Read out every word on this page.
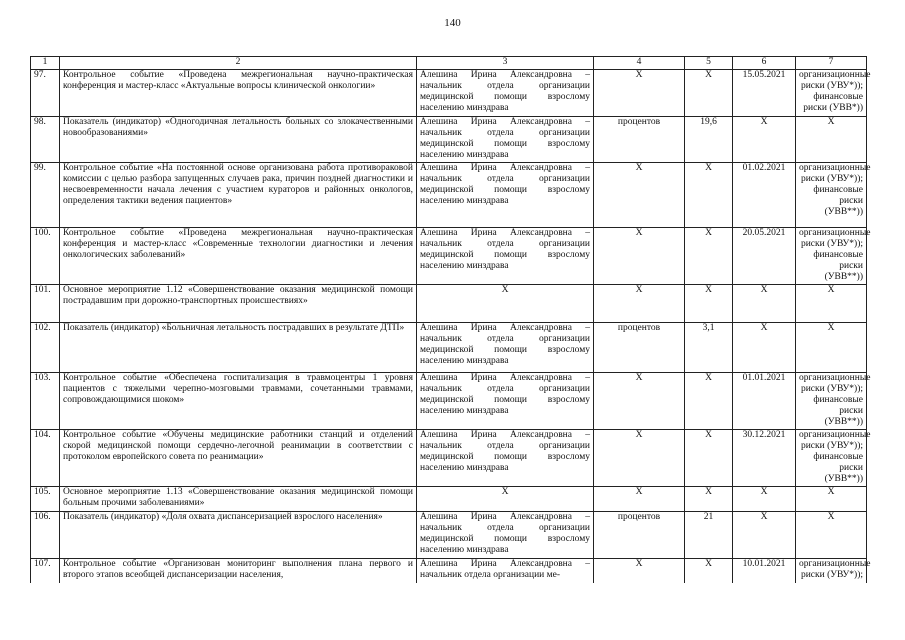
140
1	2	3	4	5	6	7
97.	Контрольное событие «Проведена межрегиональная научно-практическая конференция и мастер-класс «Актуальные вопросы клинической онкологии»	Алешина Ирина Александровна – начальник отдела организации медицинской помощи взрослому населению минздрава	X	X	15.05.2021	организационные риски (УВУ*)); финансовые риски (УВВ*))
98.	Показатель (индикатор) «Одногодичная летальность больных со злокачественными новообразованиями»	Алешина Ирина Александровна – начальник отдела организации медицинской помощи взрослому населению минздрава	процентов	19,6	X	X
99.	Контрольное событие «На постоянной основе организована работа противораковой комиссии с целью разбора запущенных случаев рака, причин поздней диагностики и несвоевременности начала лечения с участием кураторов и районных онкологов, определения тактики ведения пациентов»	Алешина Ирина Александровна – начальник отдела организации медицинской помощи взрослому населению минздрава	X	X	01.02.2021	организационные риски (УВУ*)); финансовые риски (УВВ**))
100.	Контрольное событие «Проведена межрегиональная научно-практическая конференция и мастер-класс «Современные технологии диагностики и лечения онкологических заболеваний»	Алешина Ирина Александровна – начальник отдела организации медицинской помощи взрослому населению минздрава	X	X	20.05.2021	организационные риски (УВУ*)); финансовые риски (УВВ**))
101.	Основное мероприятие 1.12 «Совершенствование оказания медицинской помощи пострадавшим при дорожно-транспортных происшествиях»	X	X	X	X	X
102.	Показатель (индикатор) «Больничная летальность пострадавших в результате ДТП»	Алешина Ирина Александровна – начальник отдела организации медицинской помощи взрослому населению минздрава	процентов	3,1	X	X
103.	Контрольное событие «Обеспечена госпитализация в травмоцентры 1 уровня пациентов с тяжелыми черепно-мозговыми травмами, сочетанными травмами, сопровождающимися шоком»	Алешина Ирина Александровна – начальник отдела организации медицинской помощи взрослому населению минздрава	X	X	01.01.2021	организационные риски (УВУ*)); финансовые риски (УВВ**))
104.	Контрольное событие «Обучены медицинские работники станций и отделений скорой медицинской помощи сердечно-легочной реанимации в соответствии с протоколом европейского совета по реанимации»	Алешина Ирина Александровна – начальник отдела организации медицинской помощи взрослому населению минздрава	X	X	30.12.2021	организационные риски (УВУ*)); финансовые риски (УВВ**))
105.	Основное мероприятие 1.13 «Совершенствование оказания медицинской помощи больным прочими заболеваниями»	X	X	X	X	X
106.	Показатель (индикатор) «Доля охвата диспансеризацией взрослого населения»	Алешина Ирина Александровна – начальник отдела организации медицинской помощи взрослому населению минздрава	процентов	21	X	X
107.	Контрольное событие «Организован мониторинг выполнения плана первого и второго этапов всеобщей диспансеризации населения,	Алешина Ирина Александровна – начальник отдела организации ме-	X	X	10.01.2021	организационные риски (УВУ*));
